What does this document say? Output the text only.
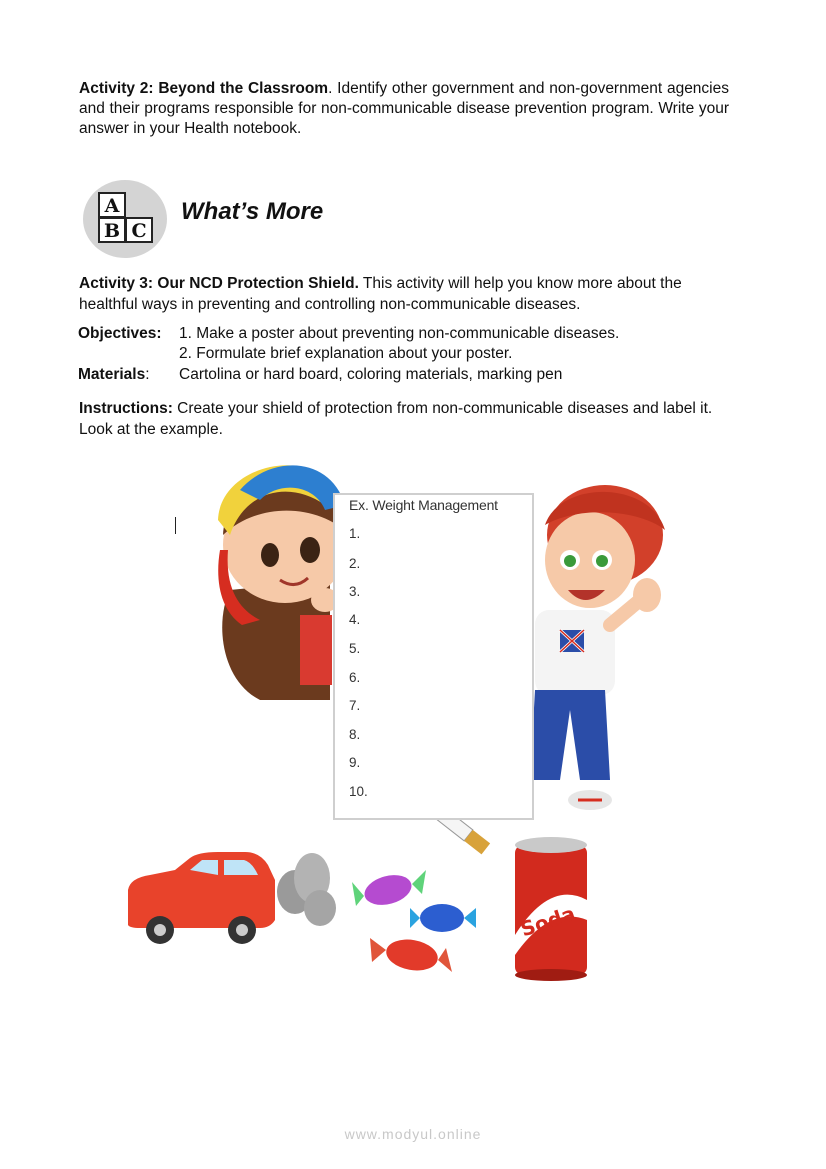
Activity 2: Beyond the Classroom. Identify other government and non-government agencies and their programs responsible for non-communicable disease prevention program. Write your answer in your Health notebook.

A
B C
What’s More

Activity 3: Our NCD Protection Shield. This activity will help you know more about the healthful ways in preventing and controlling non-communicable diseases.

Objectives: 1. Make a poster about preventing non-communicable diseases.
2. Formulate brief explanation about your poster.
Materials: Cartolina or hard board, coloring materials, marking pen

Instructions: Create your shield of protection from non-communicable diseases and label it. Look at the example.

Soda
Ex. Weight Management
1.
2.
3.
4.
5.
6.
7.
8.
9.
10.
www.modyul.online
